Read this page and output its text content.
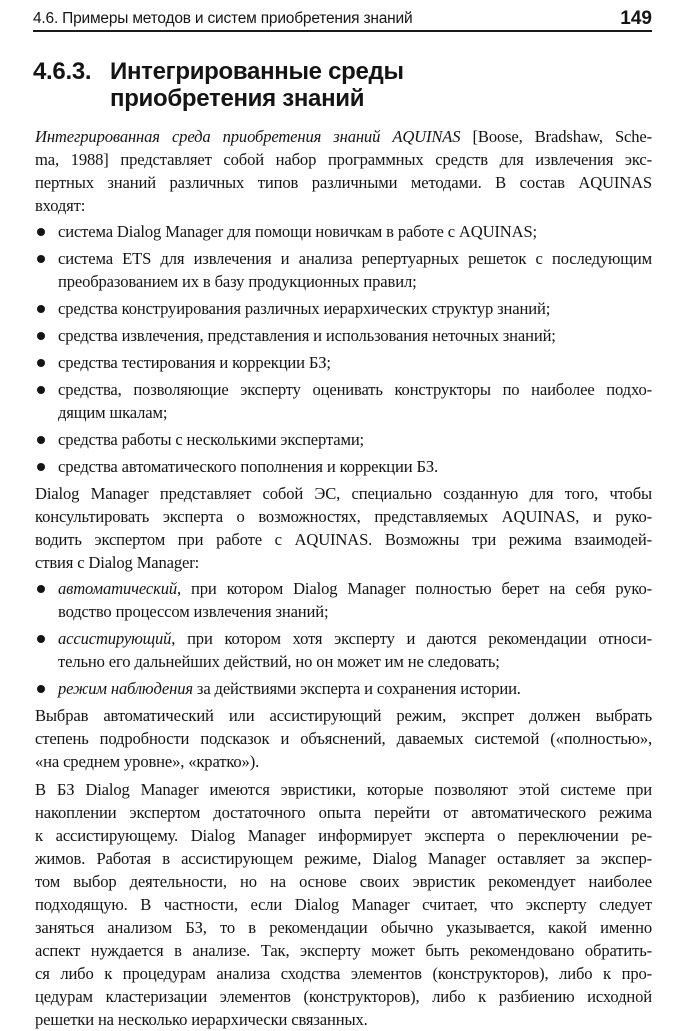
4.6. Примеры методов и систем приобретения знаний	149
4.6.3. Интегрированные среды
приобретения знаний

Интегрированная среда приобретения знаний AQUINAS [Boose, Bradshaw, Sche-
ma, 1988] представляет собой набор программных средств для извлечения экс-
пертных знаний различных типов различными методами. В состав AQUINAS
входят:

система Dialog Manager для помощи новичкам в работе с AQUINAS;
система ETS для извлечения и анализа репертуарных решеток с последующим
преобразованием их в базу продукционных правил;
средства конструирования различных иерархических структур знаний;
средства извлечения, представления и использования неточных знаний;
средства тестирования и коррекции БЗ;
средства, позволяющие эксперту оценивать конструкторы по наиболее подхо-
дящим шкалам;
средства работы с несколькими экспертами;
средства автоматического пополнения и коррекции БЗ.

Dialog Manager представляет собой ЭС, специально созданную для того, чтобы
консультировать эксперта о возможностях, представляемых AQUINAS, и руко-
водить экспертом при работе с AQUINAS. Возможны три режима взаимодей-
ствия с Dialog Manager:

автоматический, при котором Dialog Manager полностью берет на себя руко-
водство процессом извлечения знаний;
ассистирующий, при котором хотя эксперту и даются рекомендации относи-
тельно его дальнейших действий, но он может им не следовать;
режим наблюдения за действиями эксперта и сохранения истории.

Выбрав автоматический или ассистирующий режим, экспрет должен выбрать
степень подробности подсказок и объяснений, даваемых системой («полностью»,
«на среднем уровне», «кратко»).

В БЗ Dialog Manager имеются эвристики, которые позволяют этой системе при
накоплении экспертом достаточного опыта перейти от автоматического режима
к ассистирующему. Dialog Manager информирует эксперта о переключении ре-
жимов. Работая в ассистирующем режиме, Dialog Manager оставляет за экспер-
том выбор деятельности, но на основе своих эвристик рекомендует наиболее
подходящую. В частности, если Dialog Manager считает, что эксперту следует
заняться анализом БЗ, то в рекомендации обычно указывается, какой именно
аспект нуждается в анализе. Так, эксперту может быть рекомендовано обратить-
ся либо к процедурам анализа сходства элементов (конструкторов), либо к про-
цедурам кластеризации элементов (конструкторов), либо к разбиению исходной
решетки на несколько иерархически связанных.
